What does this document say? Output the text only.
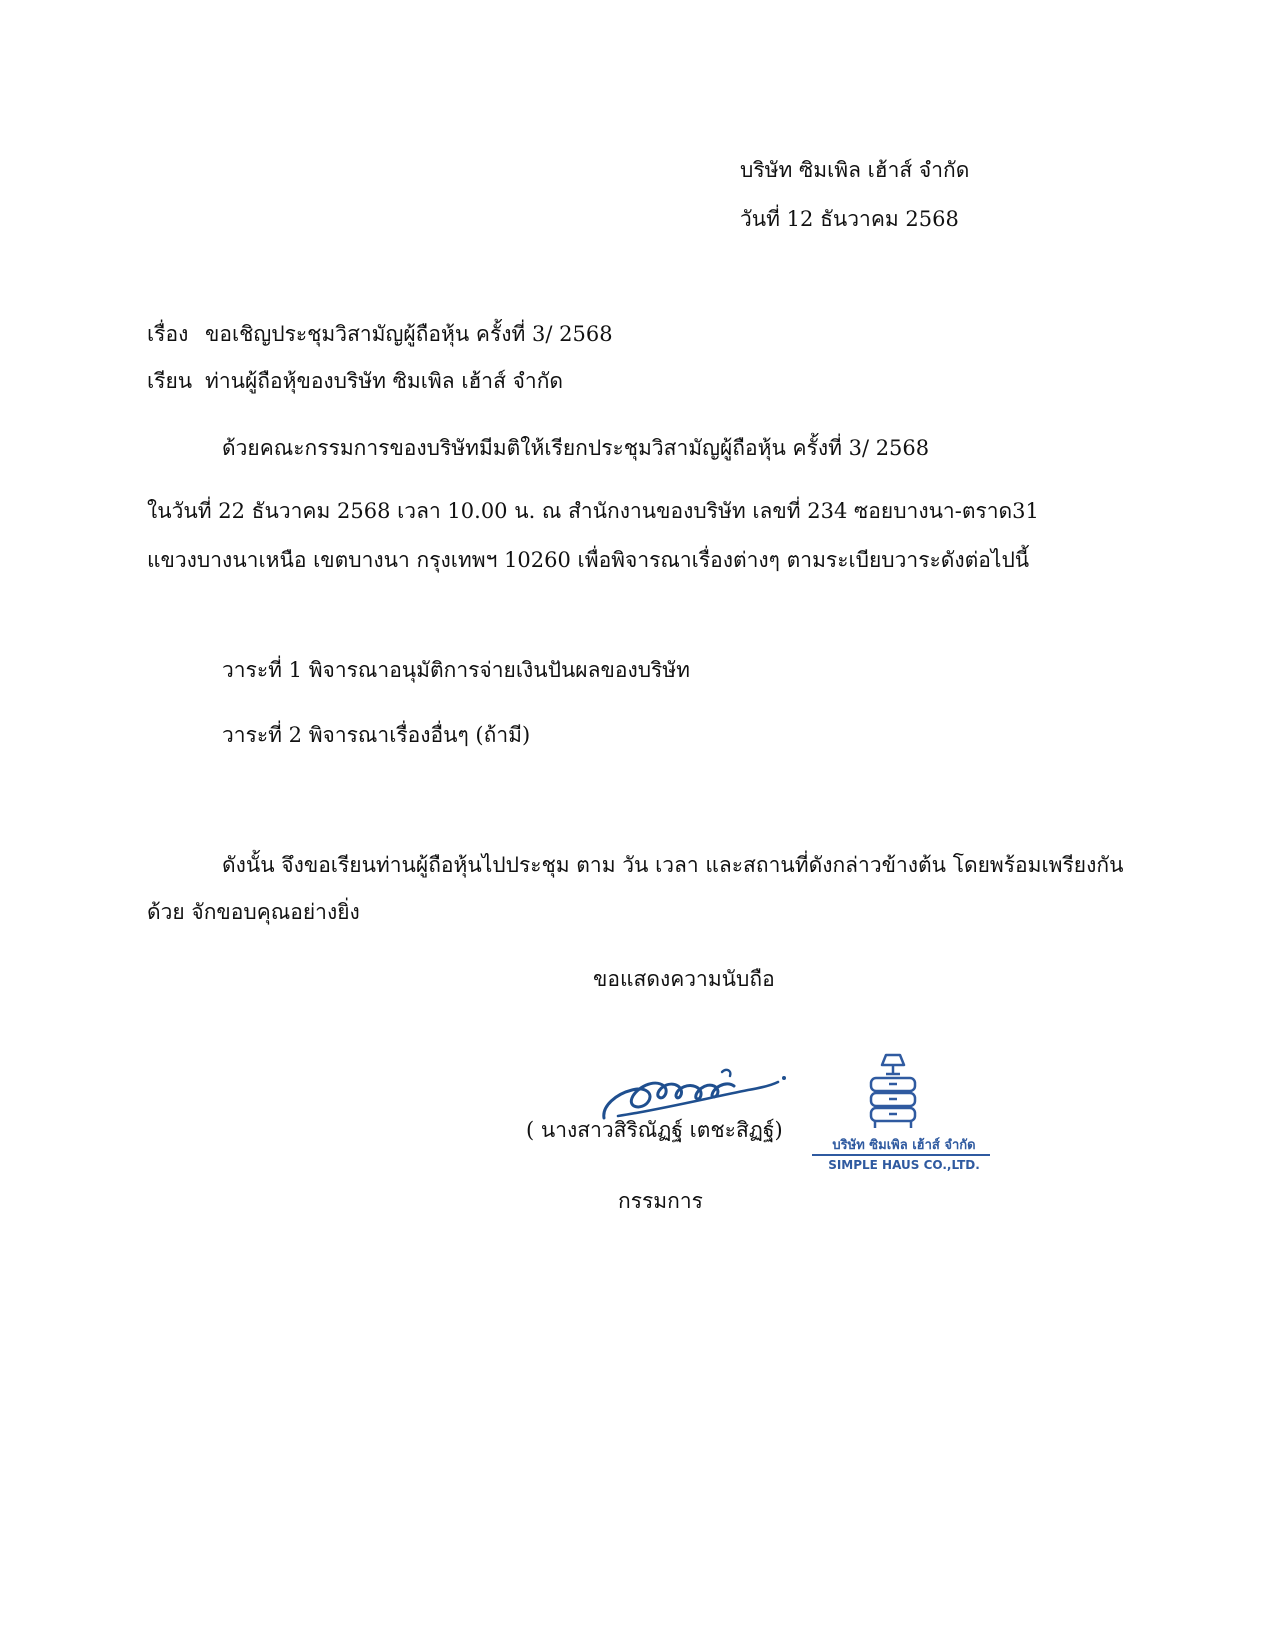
บริษัท ซิมเพิล เฮ้าส์ จำกัด
วันที่ 12 ธันวาคม 2568
เรื่อง ขอเชิญประชุมวิสามัญผู้ถือหุ้น ครั้งที่ 3/ 2568
เรียน ท่านผู้ถือหุ้ของบริษัท ซิมเพิล เฮ้าส์ จำกัด
ด้วยคณะกรรมการของบริษัทมีมติให้เรียกประชุมวิสามัญผู้ถือหุ้น ครั้งที่ 3/ 2568
ในวันที่ 22 ธันวาคม 2568 เวลา 10.00 น. ณ สำนักงานของบริษัท เลขที่ 234 ซอยบางนา-ตราด31
แขวงบางนาเหนือ เขตบางนา กรุงเทพฯ 10260 เพื่อพิจารณาเรื่องต่างๆ ตามระเบียบวาระดังต่อไปนี้
วาระที่ 1 พิจารณาอนุมัติการจ่ายเงินปันผลของบริษัท
วาระที่ 2 พิจารณาเรื่องอื่นๆ (ถ้ามี)
ดังนั้น จึงขอเรียนท่านผู้ถือหุ้นไปประชุม ตาม วัน เวลา และสถานที่ดังกล่าวข้างต้น โดยพร้อมเพรียงกัน
ด้วย จักขอบคุณอย่างยิ่ง
ขอแสดงความนับถือ
บริษัท ซิมเพิล เฮ้าส์ จำกัด
SIMPLE HAUS CO.,LTD.
( นางสาวสิริณัฏฐ์ เตชะสิฏฐ์)
กรรมการ
